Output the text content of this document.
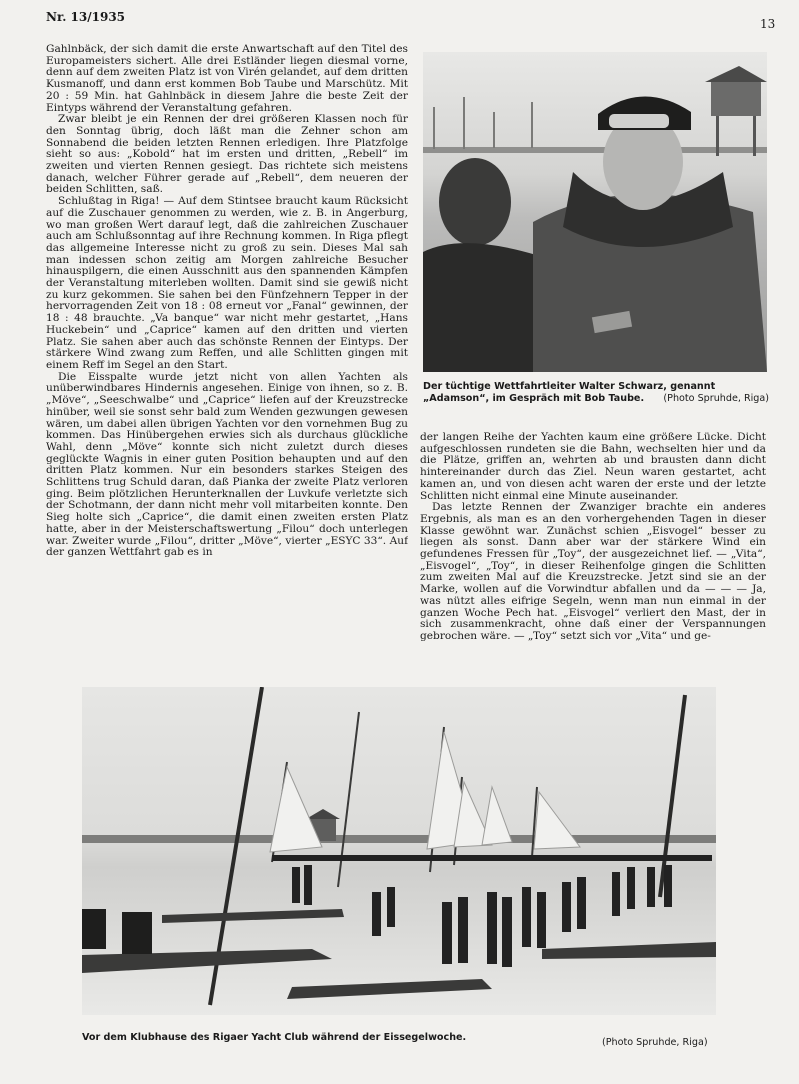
Nr. 13/1935	13

Gahlnbäck, der sich damit die erste Anwartschaft auf den Titel des Europameisters sichert. Alle drei Estländer liegen diesmal vorne, denn auf dem zweiten Platz ist von Virén gelandet, auf dem dritten Kusmanoff, und dann erst kommen Bob Taube und Marschütz. Mit 20 : 59 Min. hat Gahlnbäck in diesem Jahre die beste Zeit der Eintyps während der Veranstaltung gefahren.

Zwar bleibt je ein Rennen der drei größeren Klassen noch für den Sonntag übrig, doch läßt man die Zehner schon am Sonnabend die beiden letzten Rennen erledigen. Ihre Platzfolge sieht so aus: „Kobold“ hat im ersten und dritten, „Rebell“ im zweiten und vierten Rennen gesiegt. Das richtete sich meistens danach, welcher Führer gerade auf „Rebell“, dem neueren der beiden Schlitten, saß.

Schlußtag in Riga! — Auf dem Stintsee braucht kaum Rücksicht auf die Zuschauer genommen zu werden, wie z. B. in Angerburg, wo man großen Wert darauf legt, daß die zahlreichen Zuschauer auch am Schlußsonntag auf ihre Rechnung kommen. In Riga pflegt das allgemeine Interesse nicht zu groß zu sein. Dieses Mal sah man indessen schon zeitig am Morgen zahlreiche Besucher hinauspilgern, die einen Ausschnitt aus den spannenden Kämpfen der Veranstaltung miterleben wollten. Damit sind sie gewiß nicht zu kurz gekommen. Sie sahen bei den Fünfzehnern Tepper in der hervorragenden Zeit von 18 : 08 erneut vor „Fanal“ gewinnen, der 18 : 48 brauchte. „Va banque“ war nicht mehr gestartet, „Hans Huckebein“ und „Caprice“ kamen auf den dritten und vierten Platz. Sie sahen aber auch das schönste Rennen der Eintyps. Der stärkere Wind zwang zum Reffen, und alle Schlitten gingen mit einem Reff im Segel an den Start.

Die Eisspalte wurde jetzt nicht von allen Yachten als unüberwindbares Hindernis angesehen. Einige von ihnen, so z. B. „Möve“, „Seeschwalbe“ und „Caprice“ liefen auf der Kreuzstrecke hinüber, weil sie sonst sehr bald zum Wenden gezwungen gewesen wären, um dabei allen übrigen Yachten vor den vornehmen Bug zu kommen. Das Hinübergehen erwies sich als durchaus glückliche Wahl, denn „Möve“ konnte sich nicht zuletzt durch dieses geglückte Wagnis in einer guten Position behaupten und auf den dritten Platz kommen. Nur ein besonders starkes Steigen des Schlittens trug Schuld daran, daß Pianka der zweite Platz verloren ging. Beim plötzlichen Herunterknallen der Luvkufe verletzte sich der Schotmann, der dann nicht mehr voll mitarbeiten konnte. Den Sieg holte sich „Caprice“, die damit einen zweiten ersten Platz hatte, aber in der Meisterschaftswertung „Filou“ doch unterlegen war. Zweiter wurde „Filou“, dritter „Möve“, vierter „ESYC 33“. Auf der ganzen Wettfahrt gab es in

Der tüchtige Wettfahrtleiter Walter Schwarz, genannt „Adamson“, im Gespräch mit Bob Taube. (Photo Spruhde, Riga)

der langen Reihe der Yachten kaum eine größere Lücke. Dicht aufgeschlossen rundeten sie die Bahn, wechselten hier und da die Plätze, griffen an, wehrten ab und brausten dann dicht hintereinander durch das Ziel. Neun waren gestartet, acht kamen an, und von diesen acht waren der erste und der letzte Schlitten nicht einmal eine Minute auseinander.

Das letzte Rennen der Zwanziger brachte ein anderes Ergebnis, als man es an den vorhergehenden Tagen in dieser Klasse gewöhnt war. Zunächst schien „Eisvogel“ besser zu liegen als sonst. Dann aber war der stärkere Wind ein gefundenes Fressen für „Toy“, der ausgezeichnet lief. — „Vita“, „Eisvogel“, „Toy“, in dieser Reihenfolge gingen die Schlitten zum zweiten Mal auf die Kreuzstrecke. Jetzt sind sie an der Marke, wollen auf die Vorwindtur abfallen und da — — — Ja, was nützt alles eifrige Segeln, wenn man nun einmal in der ganzen Woche Pech hat. „Eisvogel“ verliert den Mast, der in sich zusammenkracht, ohne daß einer der Verspannungen gebrochen wäre. — „Toy“ setzt sich vor „Vita“ und ge-

Vor dem Klubhause des Rigaer Yacht Club während der Eissegelwoche.	(Photo Spruhde, Riga)
